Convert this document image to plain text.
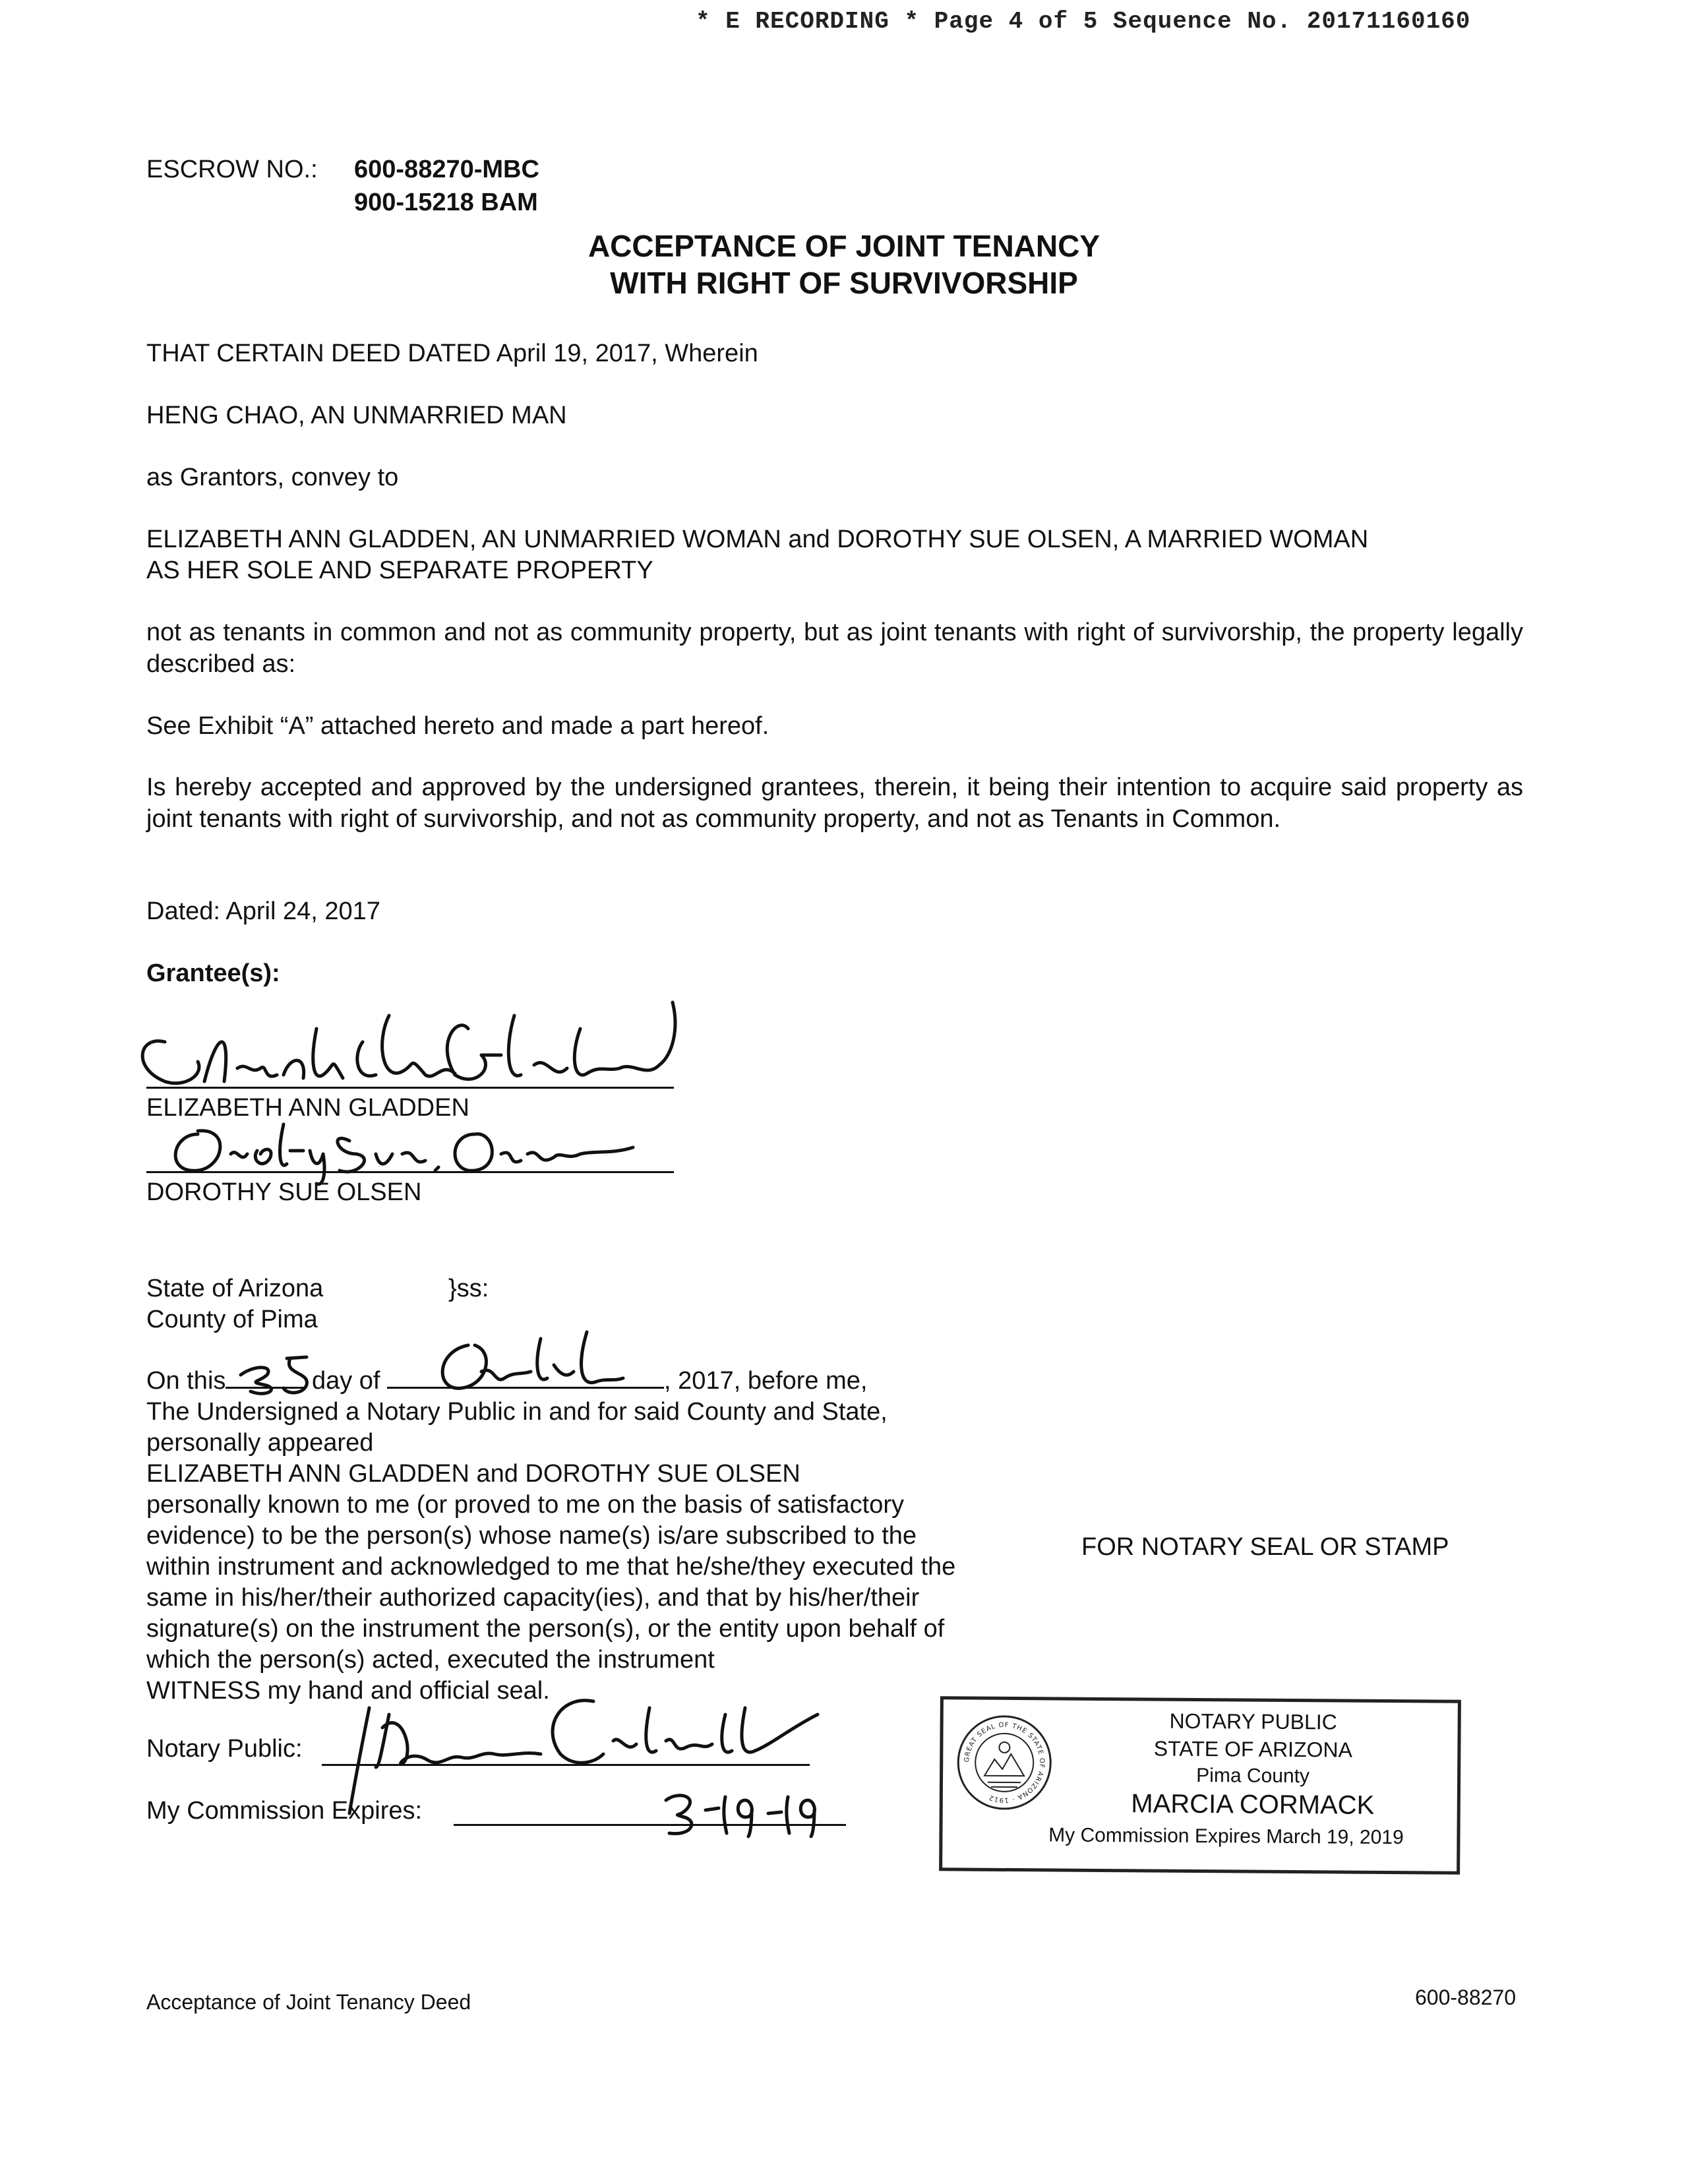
* E RECORDING * Page 4 of 5 Sequence No. 20171160160
ESCROW NO.: 600-88270-MBC
900-15218 BAM
ACCEPTANCE OF JOINT TENANCY
WITH RIGHT OF SURVIVORSHIP
THAT CERTAIN DEED DATED April 19, 2017, Wherein
HENG CHAO, AN UNMARRIED MAN
as Grantors, convey to
ELIZABETH ANN GLADDEN, AN UNMARRIED WOMAN and DOROTHY SUE OLSEN, A MARRIED WOMAN
AS HER SOLE AND SEPARATE PROPERTY
not as tenants in common and not as community property, but as joint tenants with right of survivorship, the property legally described as:
See Exhibit “A” attached hereto and made a part hereof.
Is hereby accepted and approved by the undersigned grantees, therein, it being their intention to acquire said property as joint tenants with right of survivorship, and not as community property, and not as Tenants in Common.
Dated: April 24, 2017
Grantee(s):
ELIZABETH ANN GLADDEN
DOROTHY SUE OLSEN
State of Arizona	}ss:
County of Pima
On this	day of	, 2017, before me,
The Undersigned a Notary Public in and for said County and State,
personally appeared
ELIZABETH ANN GLADDEN and DOROTHY SUE OLSEN
personally known to me (or proved to me on the basis of satisfactory
evidence) to be the person(s) whose name(s) is/are subscribed to the
within instrument and acknowledged to me that he/she/they executed the
same in his/her/their authorized capacity(ies), and that by his/her/their
signature(s) on the instrument the person(s), or the entity upon behalf of
which the person(s) acted, executed the instrument
WITNESS my hand and official seal.
FOR NOTARY SEAL OR STAMP
Notary Public:
My Commission Expires:
GREAT SEAL OF THE STATE OF ARIZONA · 1912
NOTARY PUBLIC
STATE OF ARIZONA
Pima County
MARCIA CORMACK
My Commission Expires March 19, 2019
Acceptance of Joint Tenancy Deed	600-88270
